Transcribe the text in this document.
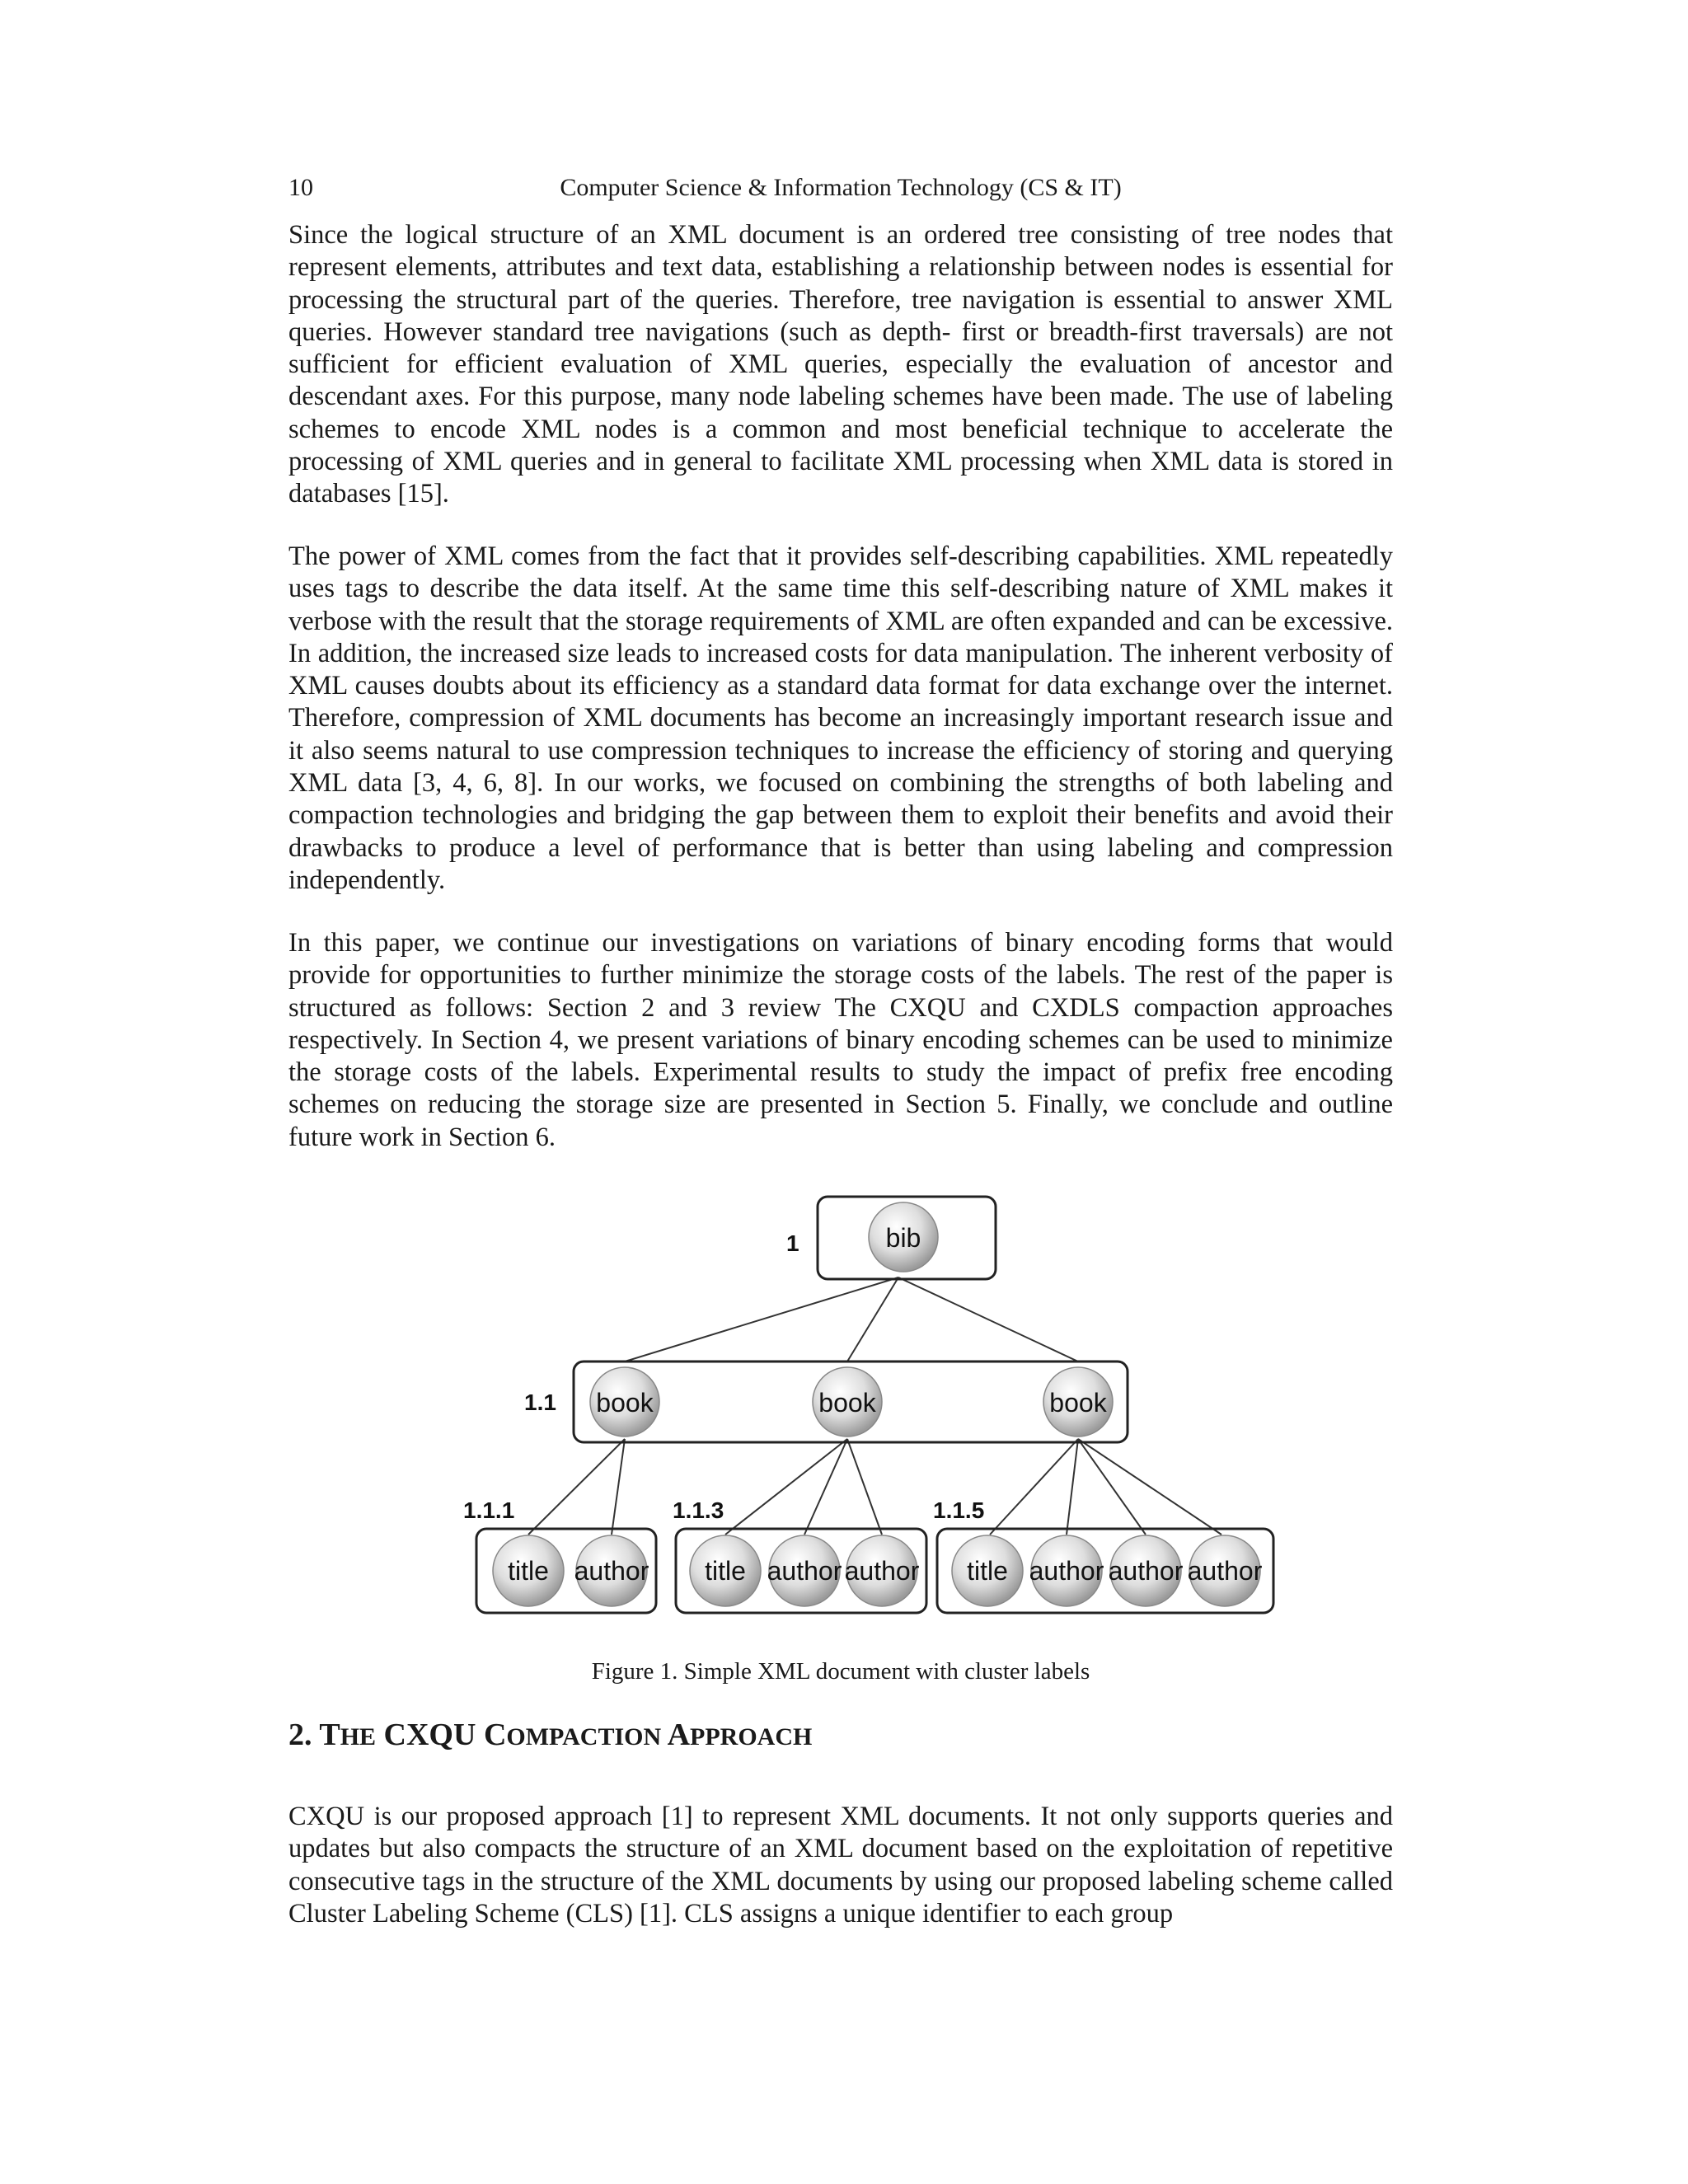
10	Computer Science & Information Technology (CS & IT)

Since the logical structure of an XML document is an ordered tree consisting of tree nodes that represent elements, attributes and text data, establishing a relationship between nodes is essential for processing the structural part of the queries. Therefore, tree navigation is essential to answer XML queries. However standard tree navigations (such as depth- first or breadth-first traversals) are not sufficient for efficient evaluation of XML queries, especially the evaluation of ancestor and descendant axes. For this purpose, many node labeling schemes have been made. The use of labeling schemes to encode XML nodes is a common and most beneficial technique to accelerate the processing of XML queries and in general to facilitate XML processing when XML data is stored in databases [15].

The power of XML comes from the fact that it provides self-describing capabilities. XML repeatedly uses tags to describe the data itself. At the same time this self-describing nature of XML makes it verbose with the result that the storage requirements of XML are often expanded and can be excessive. In addition, the increased size leads to increased costs for data manipulation. The inherent verbosity of XML causes doubts about its efficiency as a standard data format for data exchange over the internet. Therefore, compression of XML documents has become an increasingly important research issue and it also seems natural to use compression techniques to increase the efficiency of storing and querying XML data [3, 4, 6, 8]. In our works, we focused on combining the strengths of both labeling and compaction technologies and bridging the gap between them to exploit their benefits and avoid their drawbacks to produce a level of performance that is better than using labeling and compression independently.

In this paper, we continue our investigations on variations of binary encoding forms that would provide for opportunities to further minimize the storage costs of the labels. The rest of the paper is structured as follows: Section 2 and 3 review The CXQU and CXDLS compaction approaches respectively. In Section 4, we present variations of binary encoding schemes can be used to minimize the storage costs of the labels. Experimental results to study the impact of prefix free encoding schemes on reducing the storage size are presented in Section 5. Finally, we conclude and outline future work in Section 6.

1
1.1
1.1.1	1.1.3	1.1.5
bib
book	book	book
title author title author author title author author author
Figure 1. Simple XML document with cluster labels
2. THE CXQU COMPACTION APPROACH

CXQU is our proposed approach [1] to represent XML documents. It not only supports queries and updates but also compacts the structure of an XML document based on the exploitation of repetitive consecutive tags in the structure of the XML documents by using our proposed labeling scheme called Cluster Labeling Scheme (CLS) [1]. CLS assigns a unique identifier to each group
